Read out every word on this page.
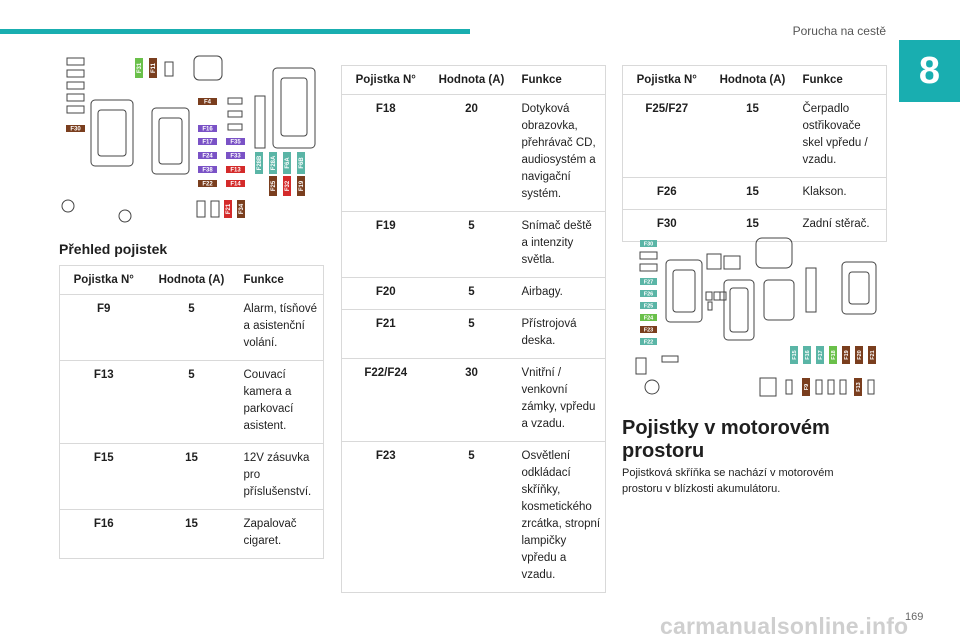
Porucha na cestě
8
F30
F31 F11
F4
F16
F17
F24
F38
F22
F35
F33
F13
F14
F28B F28A F6A F6B
F25 F32 F19
F21 F34
Přehled pojistek
Pojistka N°	Hodnota (A)	Funkce
F9	5	Alarm, tísňové a asistenční volání.
F13	5	Couvací kamera a parkovací asistent.
F15	15	12V zásuvka pro příslušenství.
F16	15	Zapalovač cigaret.
Pojistka N°	Hodnota (A)	Funkce
F18	20	Dotyková obrazovka, přehrávač CD, audiosystém a navigační systém.
F19	5	Snímač deště a intenzity světla.
F20	5	Airbagy.
F21	5	Přístrojová deska.
F22/F24	30	Vnitřní / venkovní zámky, vpředu a vzadu.
F23	5	Osvětlení odkládací skříňky, kosmetického zrcátka, stropní lampičky vpředu a vzadu.
Pojistka N°	Hodnota (A)	Funkce
F25/F27	15	Čerpadlo ostřikovače skel vpředu / vzadu.
F26	15	Klakson.
F30	15	Zadní stěrač.
F30
F27
F26
F25
F24
F23
F22
F15 F16 F17 F18 F19 F20 F21
F9	F13
Pojistky v motorovém prostoru
Pojistková skříňka se nachází v motorovém prostoru v blízkosti akumulátoru.
carmanualsonline.info
169
